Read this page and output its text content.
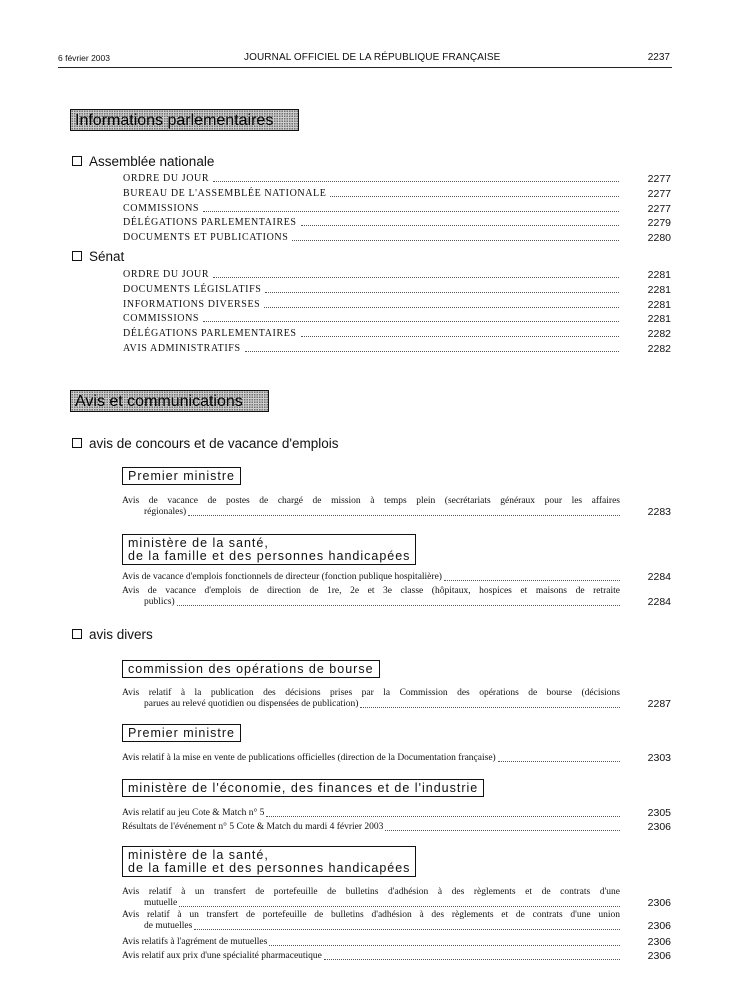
6 février 2003	JOURNAL OFFICIEL DE LA RÉPUBLIQUE FRANÇAISE	2237
Informations parlementaires
Assemblée nationale
ORDRE DU JOUR	2277
BUREAU DE L'ASSEMBLÉE NATIONALE	2277
COMMISSIONS	2277
DÉLÉGATIONS PARLEMENTAIRES	2279
DOCUMENTS ET PUBLICATIONS	2280
Sénat
ORDRE DU JOUR	2281
DOCUMENTS LÉGISLATIFS	2281
INFORMATIONS DIVERSES	2281
COMMISSIONS	2281
DÉLÉGATIONS PARLEMENTAIRES	2282
AVIS ADMINISTRATIFS	2282
Avis et communications
avis de concours et de vacance d'emplois
Premier ministre
Avis de vacance de postes de chargé de mission à temps plein (secrétariats généraux pour les affaires
régionales)	2283
ministère de la santé,
de la famille et des personnes handicapées
Avis de vacance d'emplois fonctionnels de directeur (fonction publique hospitalière)	2284
Avis de vacance d'emplois de direction de 1re, 2e et 3e classe (hôpitaux, hospices et maisons de retraite
publics)	2284
avis divers
commission des opérations de bourse
Avis relatif à la publication des décisions prises par la Commission des opérations de bourse (décisions
parues au relevé quotidien ou dispensées de publication)	2287
Premier ministre
Avis relatif à la mise en vente de publications officielles (direction de la Documentation française)	2303
ministère de l'économie, des finances et de l'industrie
Avis relatif au jeu Cote & Match n° 5	2305
Résultats de l'événement n° 5 Cote & Match du mardi 4 février 2003	2306
ministère de la santé,
de la famille et des personnes handicapées
Avis relatif à un transfert de portefeuille de bulletins d'adhésion à des règlements et de contrats d'une
mutuelle	2306
Avis relatif à un transfert de portefeuille de bulletins d'adhésion à des règlements et de contrats d'une union
de mutuelles	2306
Avis relatifs à l'agrément de mutuelles	2306
Avis relatif aux prix d'une spécialité pharmaceutique	2306
